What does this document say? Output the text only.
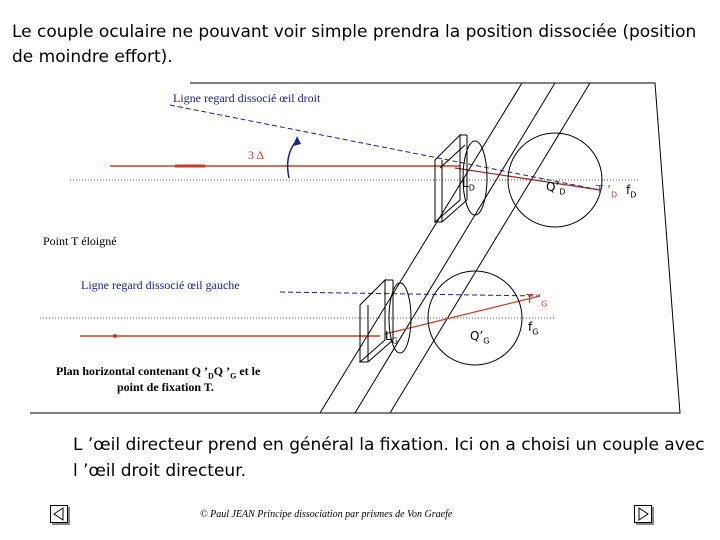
Le couple oculaire ne pouvant voir simple prendra la position dissociée (position de moindre effort).
Ligne regard dissocié œil droit
3 Δ
Point T éloigné
Ligne regard dissocié œil gauche
$L_D$	$Q’_D$	T $’_D$ $f_D$
T $’_G$
$L_G$	$Q’_G$
$f_G$
Plan horizontal contenant Q $’_DQ$ $’_G$ et le
point de fixation T.
L ’œil directeur prend en général la fixation. Ici on a choisi un couple avec l ’œil droit directeur.
© Paul JEAN Principe dissociation par prismes de Von Graefe
